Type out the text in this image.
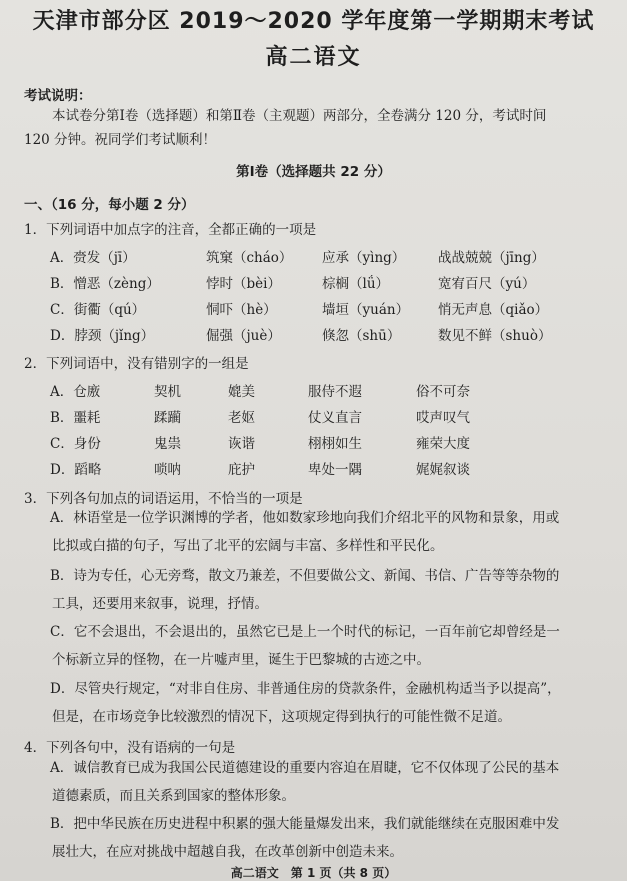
天津市部分区 2019～2020 学年度第一学期期末考试
高二语文
考试说明：
本试卷分第Ⅰ卷（选择题）和第Ⅱ卷（主观题）两部分，全卷满分 120 分，考试时间
120 分钟。祝同学们考试顺利！
第Ⅰ卷（选择题共 22 分）
一、（16 分，每小题 2 分）
1．下列词语中加点字的注音，全都正确的一项是
A．赍发（jī）	筑窠（cháo） 应承（yìng） 战战兢兢（jīng）
B．憎恶（zèng）	悖时（bèi）	棕榈（lǘ）	宽宥百尺（yú）
C．街衢（qú）	恫吓（hè）	墙垣（yuán） 悄无声息（qiǎo）
D．脖颈（jǐng）	倔强（juè）	倏忽（shū）	数见不鲜（shuò）
2．下列词语中，没有错别字的一组是
A．仓廒	契机	媲美	服侍不遐	俗不可奈
B．噩耗	蹂躏	老妪	仗义直言	哎声叹气
C．身份	鬼祟	诙谐	栩栩如生	雍荣大度
D．蹈略	唢呐	庇护	卑处一隅	娓娓叙谈
3．下列各句加点的词语运用，不恰当的一项是
A．林语堂是一位学识渊博的学者，他如数家珍地向我们介绍北平的风物和景象，用或
比拟或白描的句子，写出了北平的宏阔与丰富、多样性和平民化。
B．诗为专任，心无旁骛，散文乃兼差，不但要做公文、新闻、书信、广告等等杂物的
工具，还要用来叙事，说理，抒情。
C．它不会退出，不会退出的，虽然它已是上一个时代的标记，一百年前它却曾经是一
个标新立异的怪物，在一片嘘声里，诞生于巴黎城的古迹之中。
D．尽管央行规定，“对非自住房、非普通住房的贷款条件，金融机构适当予以提高”，
但是，在市场竞争比较激烈的情况下，这项规定得到执行的可能性微不足道。
4．下列各句中，没有语病的一句是
A．诚信教育已成为我国公民道德建设的重要内容迫在眉睫，它不仅体现了公民的基本
道德素质，而且关系到国家的整体形象。
B．把中华民族在历史进程中积累的强大能量爆发出来，我们就能继续在克服困难中发
展壮大，在应对挑战中超越自我，在改革创新中创造未来。
高二语文　第 1 页（共 8 页）
